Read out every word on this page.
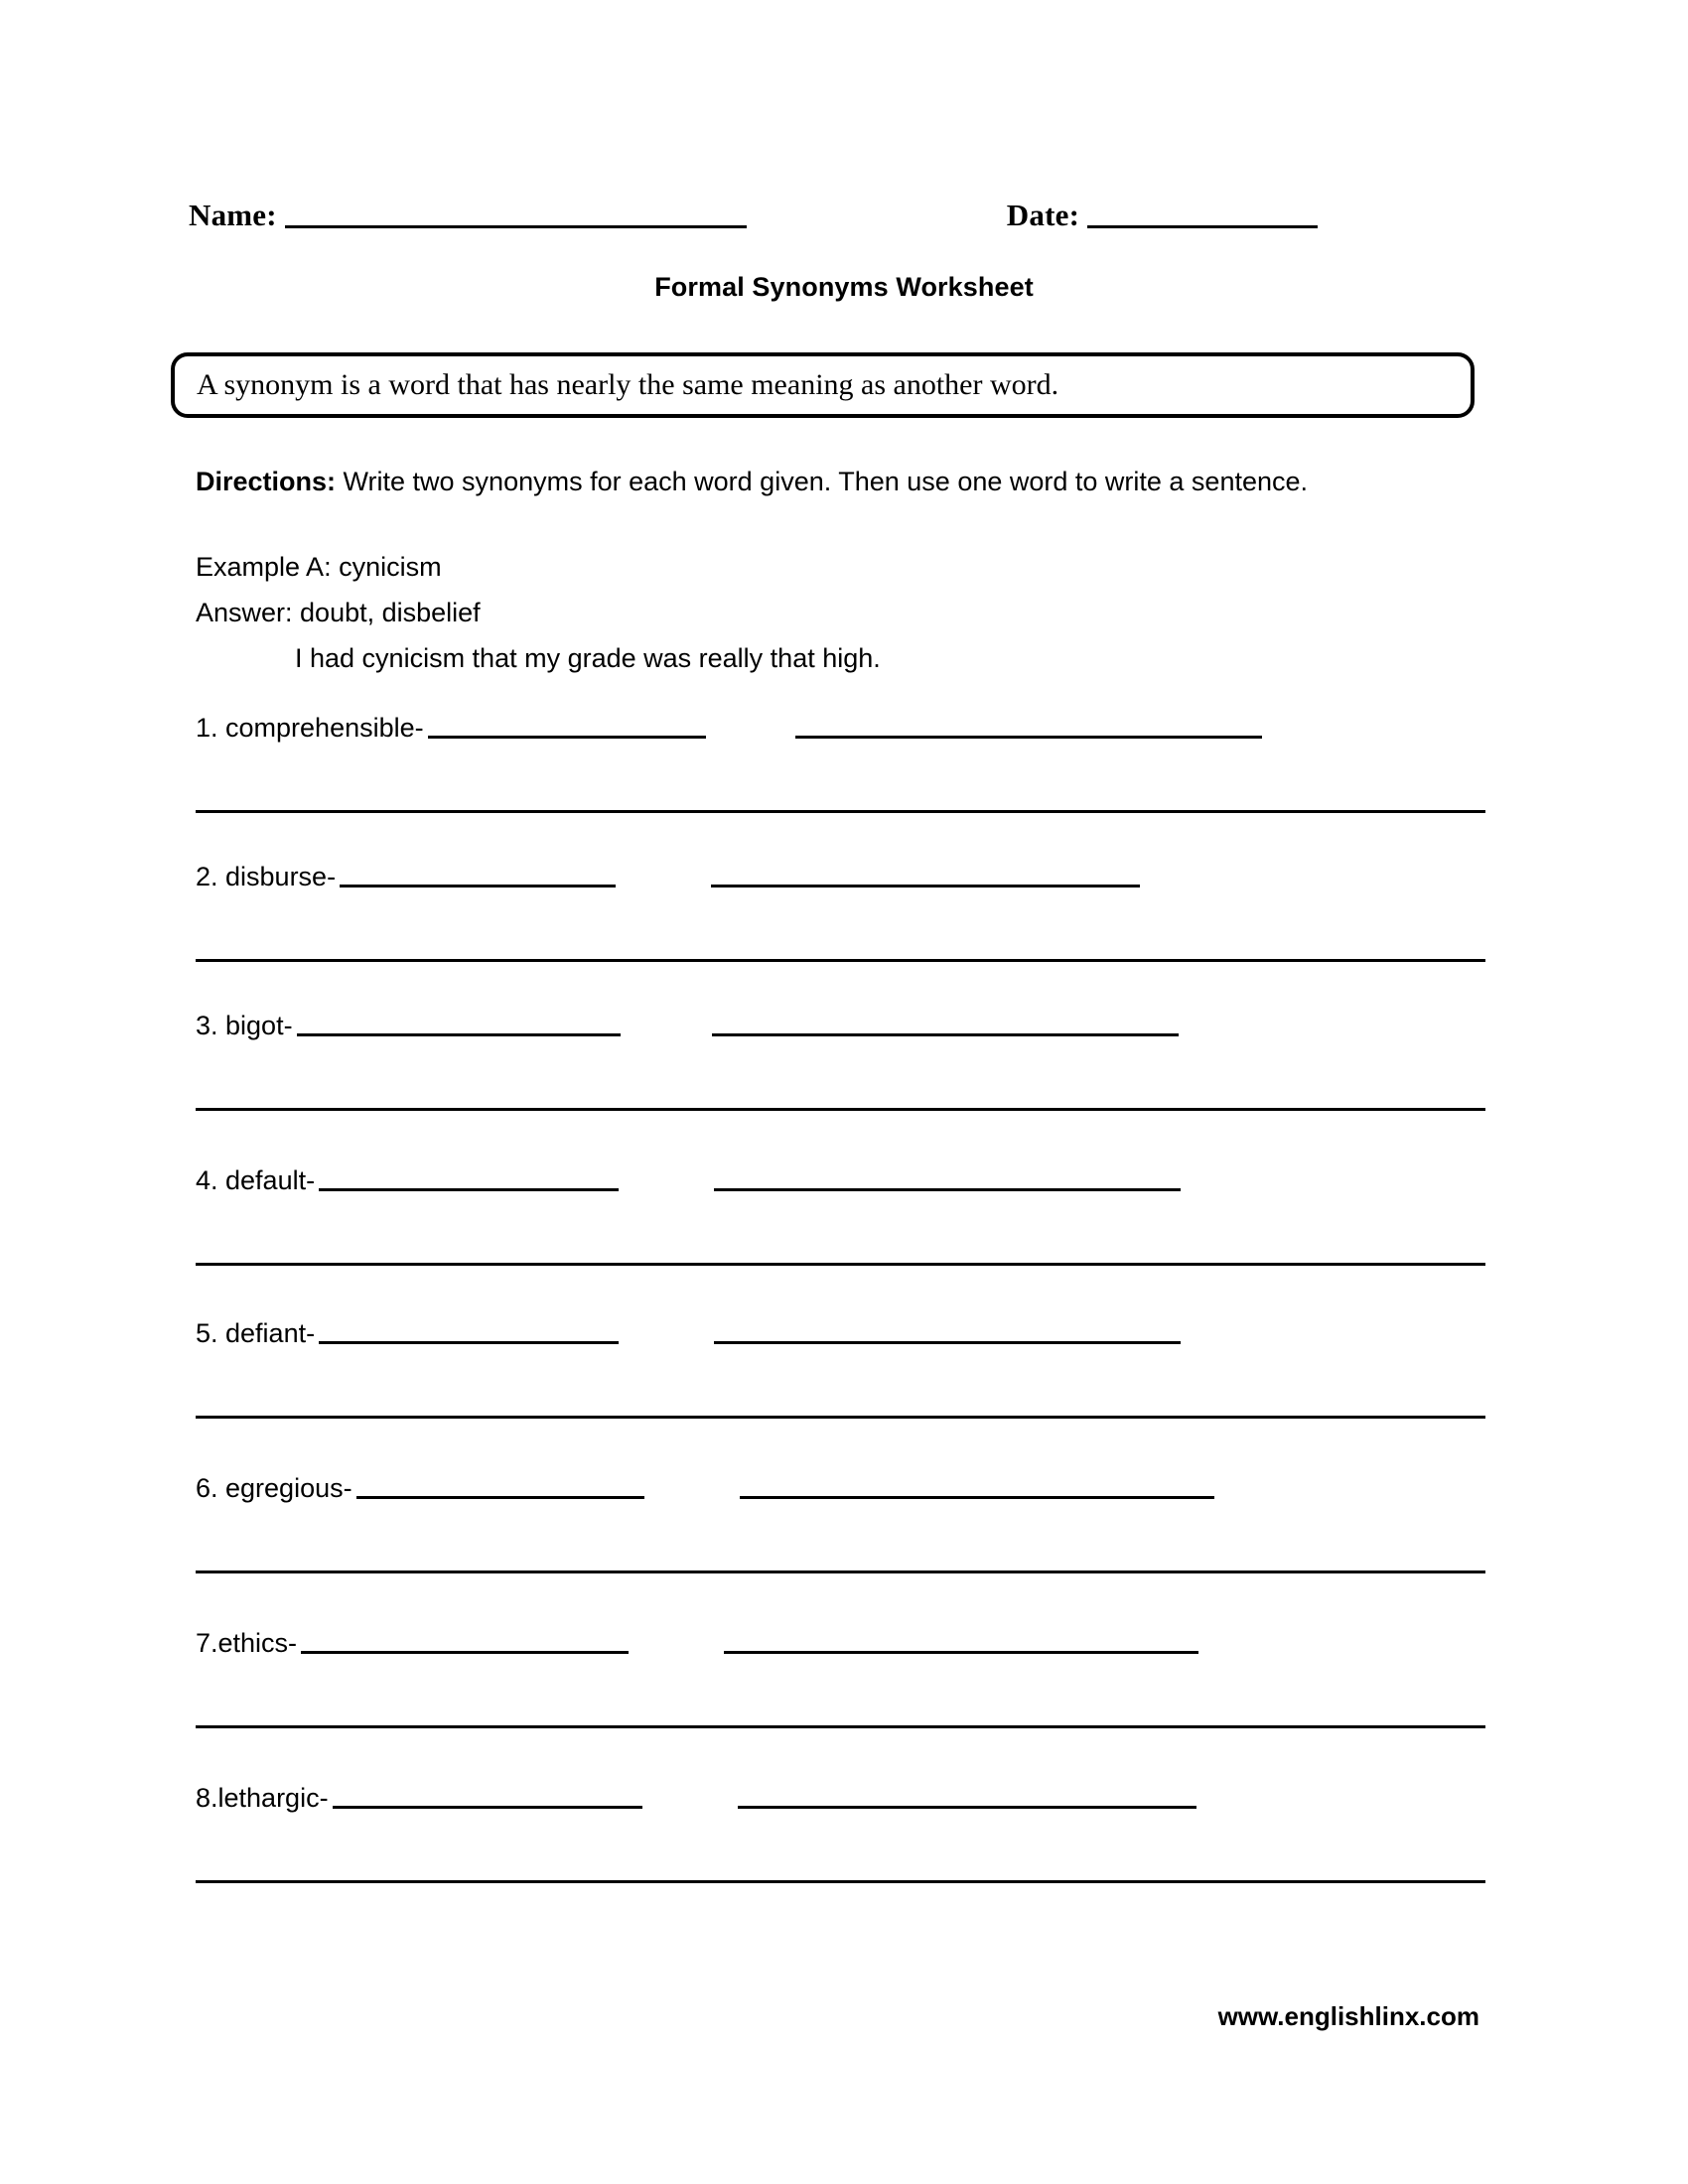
Name:	Date:
Formal Synonyms Worksheet
A synonym is a word that has nearly the same meaning as another word.
Directions: Write two synonyms for each word given. Then use one word to write a sentence.
Example A: cynicism
Answer: doubt, disbelief
I had cynicism that my grade was really that high.
1. comprehensible-
2. disburse-
3. bigot-
4. default-
5. defiant-
6. egregious-
7.ethics-
8.lethargic-
www.englishlinx.com
